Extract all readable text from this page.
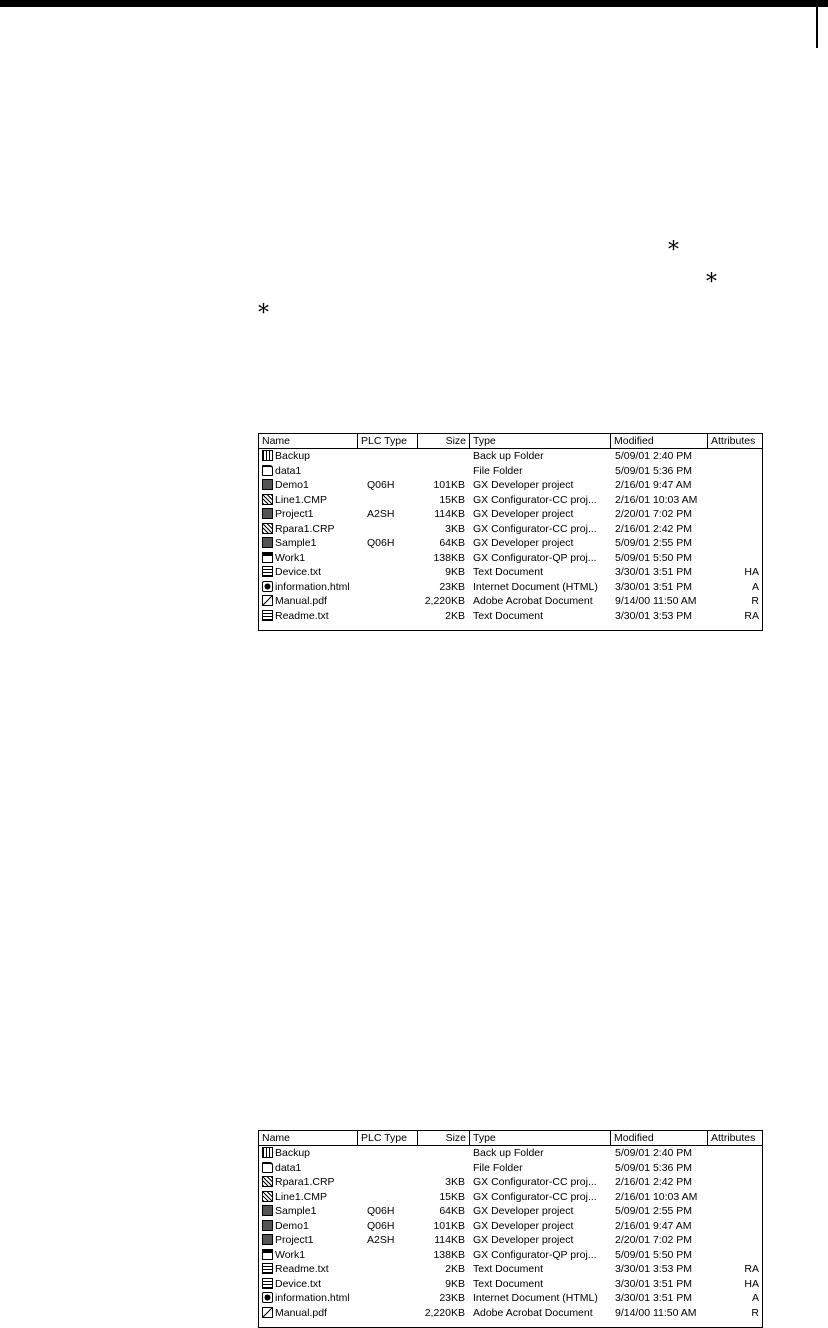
*
*
*
Name	PLC Type	Size Type	Modified	Attributes
Backup	Back up Folder	5/09/01 2:40 PM
data1	File Folder	5/09/01 5:36 PM
Demo1	Q06H	101KB GX Developer project	2/16/01 9:47 AM
Line1.CMP	15KB GX Configurator-CC proj...	2/16/01 10:03 AM
Project1	A2SH	114KB GX Developer project	2/20/01 7:02 PM
Rpara1.CRP	3KB GX Configurator-CC proj...	2/16/01 2:42 PM
Sample1	Q06H	64KB GX Developer project	5/09/01 2:55 PM
Work1	138KB GX Configurator-QP proj...	5/09/01 5:50 PM
Device.txt	9KB Text Document	3/30/01 3:51 PM	HA
information.html	23KB Internet Document (HTML)	3/30/01 3:51 PM	A
Manual.pdf	2,220KB Adobe Acrobat Document	9/14/00 11:50 AM	R
Readme.txt	2KB Text Document	3/30/01 3:53 PM	RA
Name	PLC Type	Size Type	Modified	Attributes
Backup	Back up Folder	5/09/01 2:40 PM
data1	File Folder	5/09/01 5:36 PM
Rpara1.CRP	3KB GX Configurator-CC proj...	2/16/01 2:42 PM
Line1.CMP	15KB GX Configurator-CC proj...	2/16/01 10:03 AM
Sample1	Q06H	64KB GX Developer project	5/09/01 2:55 PM
Demo1	Q06H	101KB GX Developer project	2/16/01 9:47 AM
Project1	A2SH	114KB GX Developer project	2/20/01 7:02 PM
Work1	138KB GX Configurator-QP proj...	5/09/01 5:50 PM
Readme.txt	2KB Text Document	3/30/01 3:53 PM	RA
Device.txt	9KB Text Document	3/30/01 3:51 PM	HA
information.html	23KB Internet Document (HTML)	3/30/01 3:51 PM	A
Manual.pdf	2,220KB Adobe Acrobat Document	9/14/00 11:50 AM	R
